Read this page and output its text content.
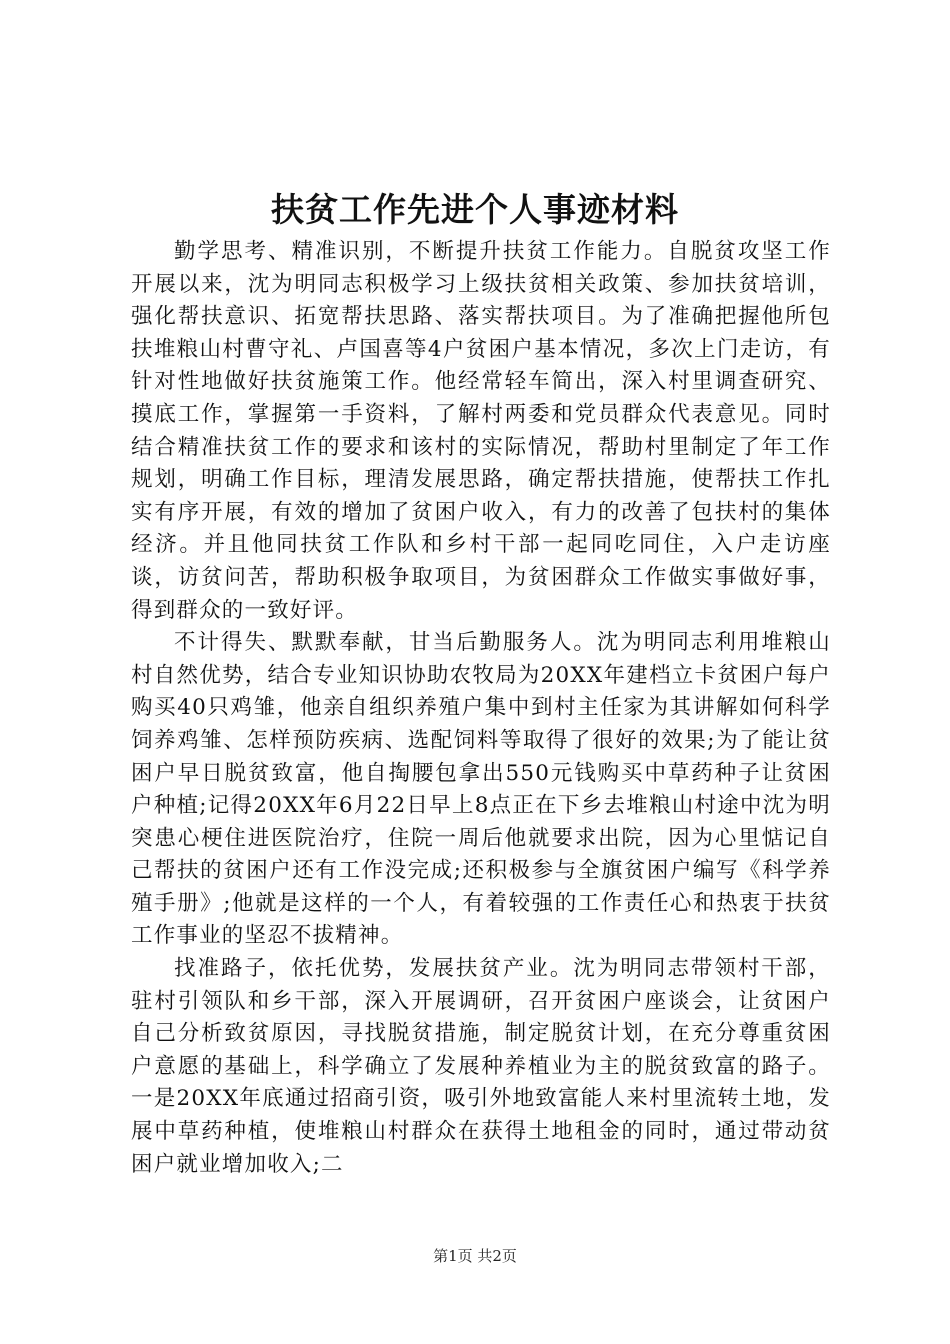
扶贫工作先进个人事迹材料

勤学思考、精准识别，不断提升扶贫工作能力。自脱贫攻坚工作开展以来，沈为明同志积极学习上级扶贫相关政策、参加扶贫培训，强化帮扶意识、拓宽帮扶思路、落实帮扶项目。为了准确把握他所包扶堆粮山村曹守礼、卢国喜等4户贫困户基本情况，多次上门走访，有针对性地做好扶贫施策工作。他经常轻车简出，深入村里调查研究、摸底工作，掌握第一手资料，了解村两委和党员群众代表意见。同时结合精准扶贫工作的要求和该村的实际情况，帮助村里制定了年工作规划，明确工作目标，理清发展思路，确定帮扶措施，使帮扶工作扎实有序开展，有效的增加了贫困户收入，有力的改善了包扶村的集体经济。并且他同扶贫工作队和乡村干部一起同吃同住，入户走访座谈，访贫问苦，帮助积极争取项目，为贫困群众工作做实事做好事，得到群众的一致好评。

不计得失、默默奉献，甘当后勤服务人。沈为明同志利用堆粮山村自然优势，结合专业知识协助农牧局为20XX年建档立卡贫困户每户购买40只鸡雏，他亲自组织养殖户集中到村主任家为其讲解如何科学饲养鸡雏、怎样预防疾病、选配饲料等取得了很好的效果;为了能让贫困户早日脱贫致富，他自掏腰包拿出550元钱购买中草药种子让贫困户种植;记得20XX年6月22日早上8点正在下乡去堆粮山村途中沈为明突患心梗住进医院治疗，住院一周后他就要求出院，因为心里惦记自己帮扶的贫困户还有工作没完成;还积极参与全旗贫困户编写《科学养殖手册》;他就是这样的一个人，有着较强的工作责任心和热衷于扶贫工作事业的坚忍不拔精神。

找准路子，依托优势，发展扶贫产业。沈为明同志带领村干部，驻村引领队和乡干部，深入开展调研，召开贫困户座谈会，让贫困户自己分析致贫原因，寻找脱贫措施，制定脱贫计划，在充分尊重贫困户意愿的基础上，科学确立了发展种养植业为主的脱贫致富的路子。一是20XX年底通过招商引资，吸引外地致富能人来村里流转土地，发展中草药种植，使堆粮山村群众在获得土地租金的同时，通过带动贫困户就业增加收入;二

第1页 共2页
